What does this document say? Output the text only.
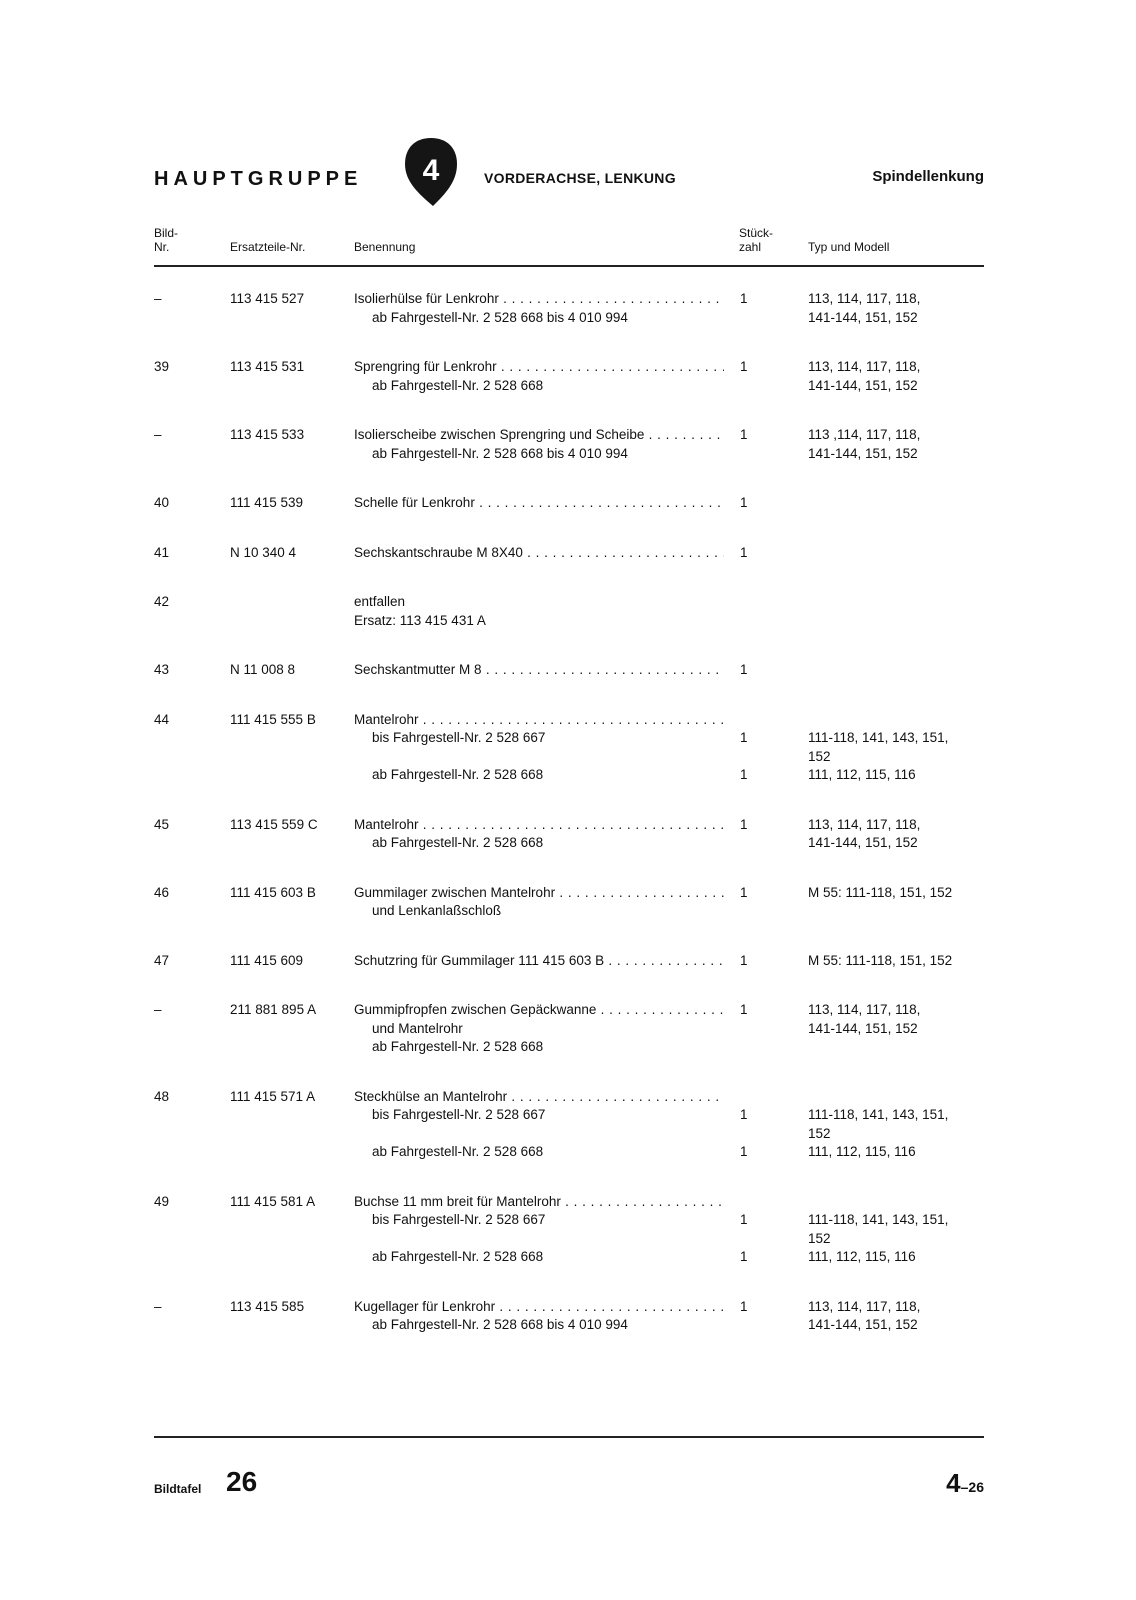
HAUPTGRUPPE 4	VORDERACHSE, LENKUNG	Spindellenkung
Bild-
Nr.	Ersatzteile-Nr.	Benennung
Stück-
zahl	Typ und Modell
–	113 415 527	Isolierhülse für Lenkrohr . . .	1	113, 114, 117, 118,
ab Fahrgestell-Nr. 2 528 668 bis 4 010 994	141-144, 151, 152
39	113 415 531	Sprengring für Lenkrohr . . .	1	113, 114, 117, 118,
ab Fahrgestell-Nr. 2 528 668	141-144, 151, 152
–	113 415 533	Isolierscheibe zwischen Sprengring und Scheibe . . .	1	113 ,114, 117, 118,
ab Fahrgestell-Nr. 2 528 668 bis 4 010 994	141-144, 151, 152
40	111 415 539	Schelle für Lenkrohr . . .	1
41	N 10 340 4	Sechskantschraube M 8X40 . . .	1
42	entfallen
Ersatz: 113 415 431 A
43	N 11 008 8	Sechskantmutter M 8 . . .	1
44	111 415 555 B	Mantelrohr . . .
bis Fahrgestell-Nr. 2 528 667	1	111-118, 141, 143, 151,
152
ab Fahrgestell-Nr. 2 528 668	1	111, 112, 115, 116
45	113 415 559 C	Mantelrohr . . .	1	113, 114, 117, 118,
ab Fahrgestell-Nr. 2 528 668	141-144, 151, 152
46	111 415 603 B	Gummilager zwischen Mantelrohr . . .	1	M 55: 111-118, 151, 152
und Lenkanlaßschloß
47	111 415 609	Schutzring für Gummilager 111 415 603 B . . .	1	M 55: 111-118, 151, 152
–	211 881 895 A	Gummipfropfen zwischen Gepäckwanne . . .	1	113, 114, 117, 118,
und Mantelrohr	141-144, 151, 152
ab Fahrgestell-Nr. 2 528 668
48	111 415 571 A	Steckhülse an Mantelrohr . . .
bis Fahrgestell-Nr. 2 528 667	1	111-118, 141, 143, 151,
152
ab Fahrgestell-Nr. 2 528 668	1	111, 112, 115, 116
49	111 415 581 A	Buchse 11 mm breit für Mantelrohr . . .
bis Fahrgestell-Nr. 2 528 667	1	111-118, 141, 143, 151,
152
ab Fahrgestell-Nr. 2 528 668	1	111, 112, 115, 116
–	113 415 585	Kugellager für Lenkrohr . . .	1	113, 114, 117, 118,
ab Fahrgestell-Nr. 2 528 668 bis 4 010 994	141-144, 151, 152
Bildtafel 26	4–26
